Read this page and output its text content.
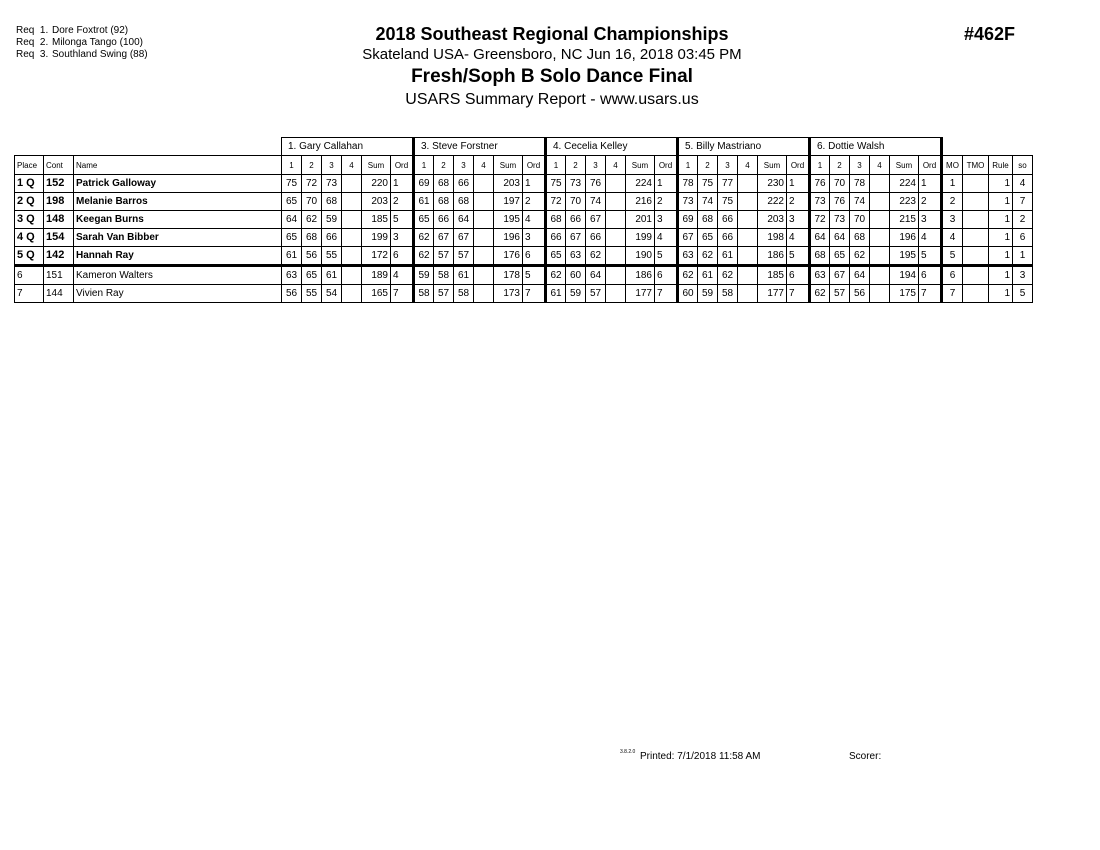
Req 1. Dore Foxtrot (92)
Req 2. Milonga Tango (100)
Req 3. Southland Swing (88)
2018 Southeast Regional Championships
Skateland USA- Greensboro, NC Jun 16, 2018 03:45 PM
Fresh/Soph B Solo Dance Final
USARS Summary Report - www.usars.us
#462F
			1. Gary Callahan						3. Steve Forstner						4. Cecelia Kelley						5. Billy Mastriano						6. Dottie Walsh									
Place	Cont	Name	1	2	3	4	Sum	Ord	1	2	3	4	Sum	Ord	1	2	3	4	Sum	Ord	1	2	3	4	Sum	Ord	1	2	3	4	Sum	Ord	MO	TMO	Rule	so
1 Q	152	Patrick Galloway	75	72	73		220	1	69	68	66		203	1	75	73	76		224	1	78	75	77		230	1	76	70	78		224	1	1		1	4
2 Q	198	Melanie Barros	65	70	68		203	2	61	68	68		197	2	72	70	74		216	2	73	74	75		222	2	73	76	74		223	2	2		1	7
3 Q	148	Keegan Burns	64	62	59		185	5	65	66	64		195	4	68	66	67		201	3	69	68	66		203	3	72	73	70		215	3	3		1	2
4 Q	154	Sarah Van Bibber	65	68	66		199	3	62	67	67		196	3	66	67	66		199	4	67	65	66		198	4	64	64	68		196	4	4		1	6
5 Q	142	Hannah Ray	61	56	55		172	6	62	57	57		176	6	65	63	62		190	5	63	62	61		186	5	68	65	62		195	5	5		1	1
6	151	Kameron Walters	63	65	61		189	4	59	58	61		178	5	62	60	64		186	6	62	61	62		185	6	63	67	64		194	6	6		1	3
7	144	Vivien Ray	56	55	54		165	7	58	57	58		173	7	61	59	57		177	7	60	59	58		177	7	62	57	56		175	7	7		1	5
3.8.2.0 Printed: 7/1/2018 11:58 AM	Scorer:
